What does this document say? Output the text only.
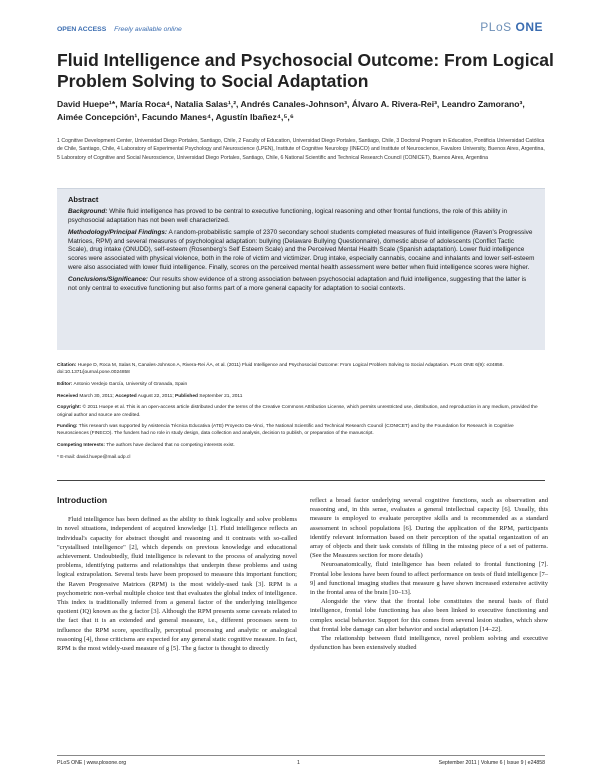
OPEN ACCESS Freely available online	PLoS ONE
Fluid Intelligence and Psychosocial Outcome: From Logical Problem Solving to Social Adaptation
David Huepe¹*, María Roca⁴, Natalia Salas¹,², Andrés Canales-Johnson³, Álvaro A. Rivera-Rei³, Leandro Zamorano³, Aimée Concepción¹, Facundo Manes⁴, Agustín Ibañez⁴,⁵,⁶
1 Cognitive Development Center, Universidad Diego Portales, Santiago, Chile, 2 Faculty of Education, Universidad Diego Portales, Santiago, Chile, 3 Doctoral Program in Education, Pontificia Universidad Católica de Chile, Santiago, Chile, 4 Laboratory of Experimental Psychology and Neuroscience (LPEN), Institute of Cognitive Neurology (INECO) and Institute of Neuroscience, Favaloro University, Buenos Aires, Argentina, 5 Laboratory of Cognitive and Social Neuroscience, Universidad Diego Portales, Santiago, Chile, 6 National Scientific and Technical Research Council (CONICET), Buenos Aires, Argentina
Abstract

Background: While fluid intelligence has proved to be central to executive functioning, logical reasoning and other frontal functions, the role of this ability in psychosocial adaptation has not been well characterized.

Methodology/Principal Findings: A random-probabilistic sample of 2370 secondary school students completed measures of fluid intelligence (Raven's Progressive Matrices, RPM) and several measures of psychological adaptation: bullying (Delaware Bullying Questionnaire), domestic abuse of adolescents (Conflict Tactic Scale), drug intake (ONUDD), self-esteem (Rosenberg's Self Esteem Scale) and the Perceived Mental Health Scale (Spanish adaptation). Lower fluid intelligence scores were associated with physical violence, both in the role of victim and victimizer. Drug intake, especially cannabis, cocaine and inhalants and lower self-esteem were also associated with lower fluid intelligence. Finally, scores on the perceived mental health assessment were better when fluid intelligence scores were higher.

Conclusions/Significance: Our results show evidence of a strong association between psychosocial adaptation and fluid intelligence, suggesting that the latter is not only central to executive functioning but also forms part of a more general capacity for adaptation to social contexts.

Citation: Huepe D, Roca M, Salas N, Canales-Johnson A, Rivera-Rei ÁA, et al. (2011) Fluid Intelligence and Psychosocial Outcome: From Logical Problem Solving to Social Adaptation. PLoS ONE 6(9): e24858. doi:10.1371/journal.pone.0024858

Editor: Antonio Verdejo García, University of Granada, Spain

Received March 30, 2011; Accepted August 22, 2011; Published September 21, 2011

Copyright: © 2011 Huepe et al. This is an open-access article distributed under the terms of the Creative Commons Attribution License, which permits unrestricted use, distribution, and reproduction in any medium, provided the original author and source are credited.

Funding: This research was supported by Asistencia Técnica Educativa (ATE) Proyecto Da-Vinci, The National Scientific and Technical Research Council (CONICET) and by the Foundation for Research in Cognitive Neurosciences (FINECO). The funders had no role in study design, data collection and analysis, decision to publish, or preparation of the manuscript.

Competing Interests: The authors have declared that no competing interests exist.

* E-mail: david.huepe@mail.udp.cl

Introduction

Fluid intelligence has been defined as the ability to think logically and solve problems in novel situations, independent of acquired knowledge [1]. Fluid intelligence reflects an individual's capacity for abstract thought and reasoning and it contrasts with so-called "crystallised intelligence" [2], which depends on previous knowledge and educational achievement. Undoubtedly, fluid intelligence is relevant to the process of analyzing novel problems, identifying patterns and relationships that underpin these problems and using logical extrapolation. Several tests have been proposed to measure this important function; the Raven Progressive Matrices (RPM) is the most widely-used task [3]. RPM is a psychometric non-verbal multiple choice test that evaluates the global index of intelligence. This index is traditionally inferred from a general factor of the underlying intelligence quotient (IQ) known as the g factor [3]. Although the RPM presents some caveats related to the fact that it is an extended and general measure, i.e., different processes seem to influence the RPM score, specifically, perceptual processing and analytic or analogical reasoning [4], those criticisms are expected for any general static cognitive measure. In fact, RPM is the most widely-used measure of g [5]. The g factor is thought to directly

reflect a broad factor underlying several cognitive functions, such as observation and reasoning and, in this sense, evaluates a general intellectual capacity [6]. Usually, this measure is employed to evaluate perceptive skills and is recommended as a standard assessment in school populations [6]. During the application of the RPM, participants identify relevant information based on their perception of the spatial organization of an array of objects and their task consists of filling in the missing piece of a set of patterns. (See the Measures section for more details)

Neuroanatomically, fluid intelligence has been related to frontal functioning [7]. Frontal lobe lesions have been found to affect performance on tests of fluid intelligence [7–9] and functional imaging studies that measure g have shown increased extensive activity in the frontal area of the brain [10–13].

Alongside the view that the frontal lobe constitutes the neural basis of fluid intelligence, frontal lobe functioning has also been linked to executive functioning and complex social behavior. Support for this comes from several lesion studies, which show that frontal lobe damage can alter behavior and social adaptation [14–22].

The relationship between fluid intelligence, novel problem solving and executive dysfunction has been extensively studied

PLoS ONE | www.plosone.org	1	September 2011 | Volume 6 | Issue 9 | e24858
